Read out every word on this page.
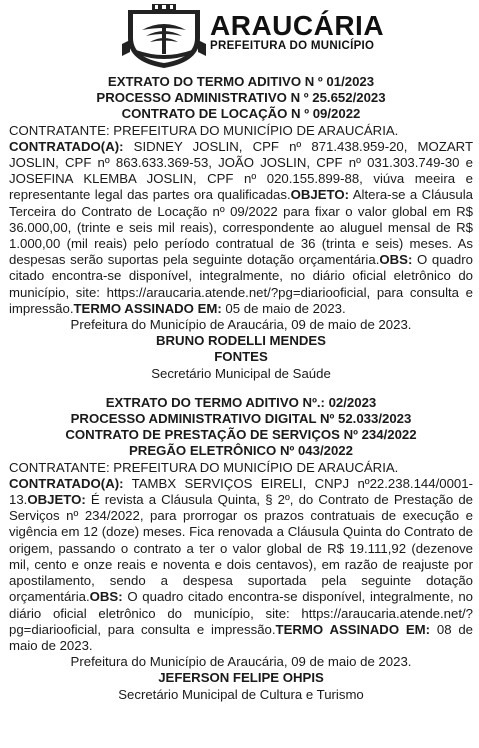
ARAUCÁRIA
PREFEITURA DO MUNICÍPIO
EXTRATO DO TERMO ADITIVO N º 01/2023
PROCESSO ADMINISTRATIVO N º 25.652/2023
CONTRATO DE LOCAÇÃO N º 09/2022
CONTRATANTE: PREFEITURA DO MUNICÍPIO DE ARAUCÁRIA.
CONTRATADO(A): SIDNEY JOSLIN, CPF nº 871.438.959-20, MOZART JOSLIN, CPF nº 863.633.369-53, JOÃO JOSLIN, CPF nº 031.303.749-30 e JOSEFINA KLEMBA JOSLIN, CPF nº 020.155.899-88, viúva meeira e representante legal das partes ora qualificadas.OBJETO: Altera-se a Cláusula Terceira do Contrato de Locação nº 09/2022 para fixar o valor global em R$ 36.000,00, (trinte e seis mil reais), correspondente ao aluguel mensal de R$ 1.000,00 (mil reais) pelo período contratual de 36 (trinta e seis) meses. As despesas serão suportas pela seguinte dotação orçamentária.OBS: O quadro citado encontra-se disponível, integralmente, no diário oficial eletrônico do município, site: https://araucaria.atende.net/?pg=diariooficial, para consulta e impressão.TERMO ASSINADO EM: 05 de maio de 2023.
Prefeitura do Município de Araucária, 09 de maio de 2023.
BRUNO RODELLI MENDES
FONTES
Secretário Municipal de Saúde
EXTRATO DO TERMO ADITIVO Nº.: 02/2023
PROCESSO ADMINISTRATIVO DIGITAL Nº 52.033/2023
CONTRATO DE PRESTAÇÃO DE SERVIÇOS Nº 234/2022
PREGÃO ELETRÔNICO Nº 043/2022
CONTRATANTE: PREFEITURA DO MUNICÍPIO DE ARAUCÁRIA.
CONTRATADO(A): TAMBX SERVIÇOS EIRELI, CNPJ nº22.238.144/0001-13.OBJETO: É revista a Cláusula Quinta, § 2º, do Contrato de Prestação de Serviços nº 234/2022, para prorrogar os prazos contratuais de execução e vigência em 12 (doze) meses. Fica renovada a Cláusula Quinta do Contrato de origem, passando o contrato a ter o valor global de R$ 19.111,92 (dezenove mil, cento e onze reais e noventa e dois centavos), em razão de reajuste por apostilamento, sendo a despesa suportada pela seguinte dotação orçamentária.OBS: O quadro citado encontra-se disponível, integralmente, no diário oficial eletrônico do município, site: https://araucaria.atende.net/?pg=diariooficial, para consulta e impressão.TERMO ASSINADO EM: 08 de maio de 2023.
Prefeitura do Município de Araucária, 09 de maio de 2023.
JEFERSON FELIPE OHPIS
Secretário Municipal de Cultura e Turismo
